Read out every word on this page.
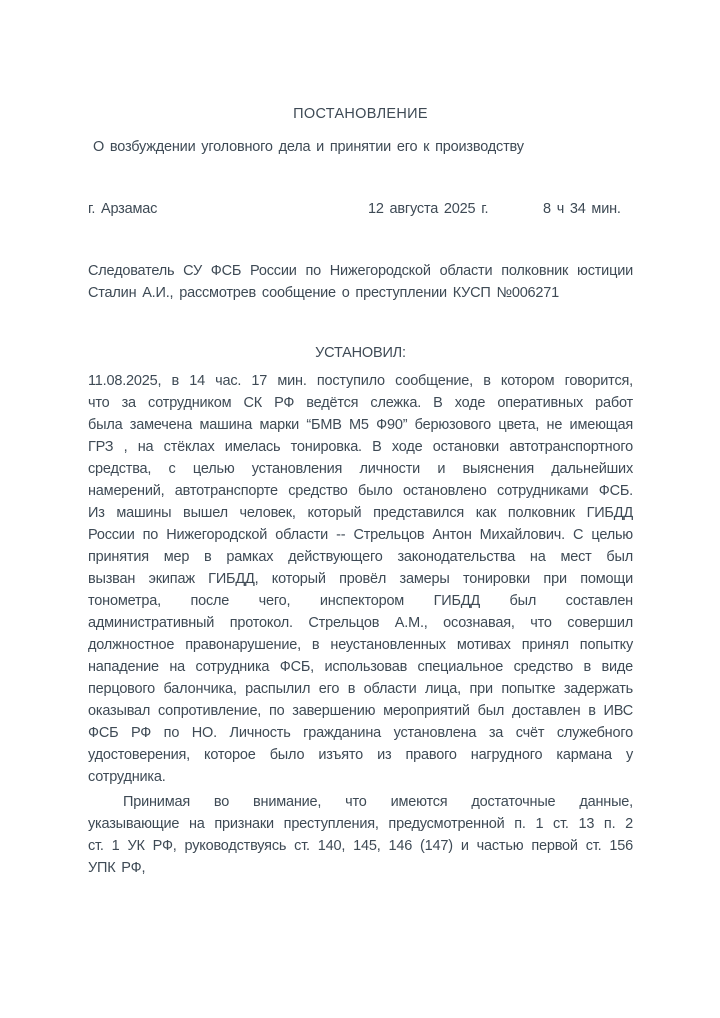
ПОСТАНОВЛЕНИЕ
О возбуждении уголовного дела и принятии его к производству
г. Арзамас	12 августа 2025 г.	8 ч 34 мин.
Следователь СУ ФСБ России по Нижегородской области полковник юстиции
Сталин А.И., рассмотрев сообщение о преступлении КУСП №006271
УСТАНОВИЛ:
11.08.2025, в 14 час. 17 мин. поступило сообщение, в котором говорится,
что за сотрудником СК РФ ведётся слежка. В ходе оперативных работ
была замечена машина марки “БМВ М5 Ф90” берюзового цвета, не имеющая
ГРЗ , на стёклах имелась тонировка. В ходе остановки автотранспортного
средства, с целью установления личности и выяснения дальнейших
намерений, автотранспорте средство было остановлено сотрудниками ФСБ.
Из машины вышел человек, который представился как полковник ГИБДД
России по Нижегородской области -- Стрельцов Антон Михайлович. С целью
принятия мер в рамках действующего законодательства на мест был
вызван экипаж ГИБДД, который провёл замеры тонировки при помощи
тонометра, после чего, инспектором ГИБДД был составлен
административный протокол. Стрельцов А.М., осознавая, что совершил
должностное правонарушение, в неустановленных мотивах принял попытку
нападение на сотрудника ФСБ, использовав специальное средство в виде
перцового балончика, распылил его в области лица, при попытке задержать
оказывал сопротивление, по завершению мероприятий был доставлен в ИВС
ФСБ РФ по НО. Личность гражданина установлена за счёт служебного
удостоверения, которое было изъято из правого нагрудного кармана у
сотрудника.
Принимая во внимание, что имеются достаточные данные,
указывающие на признаки преступления, предусмотренной п. 1 ст. 13 п. 2
ст. 1 УК РФ, руководствуясь ст. 140, 145, 146 (147) и частью первой ст. 156
УПК РФ,
